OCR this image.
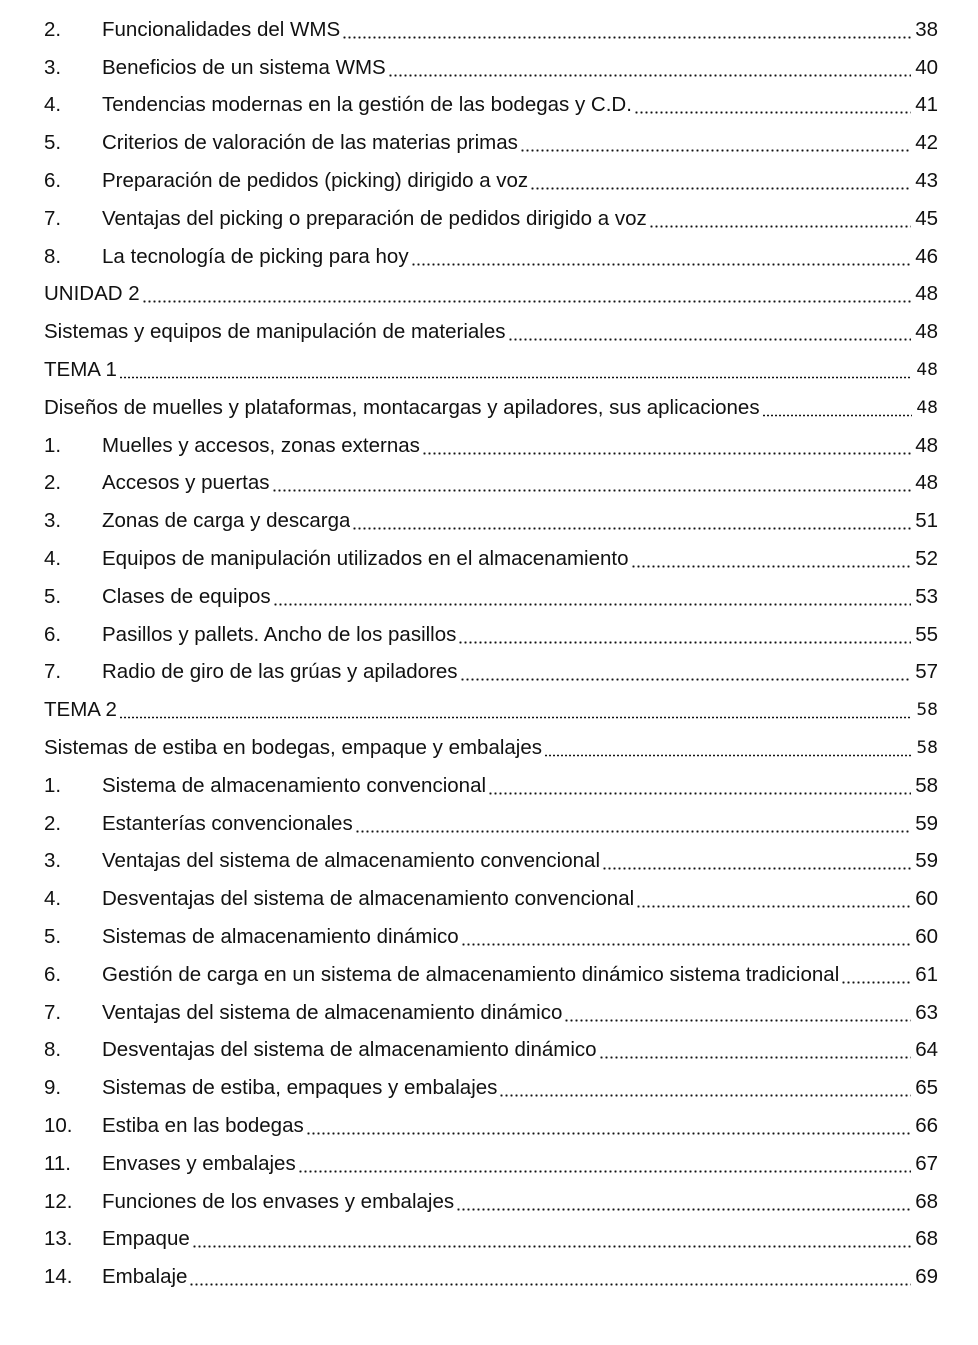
2.	Funcionalidades del WMS	38
3.	Beneficios de un sistema WMS	40
4.	Tendencias modernas en la gestión de las bodegas y C.D.	41
5.	Criterios de valoración de las materias primas	42
6.	Preparación de pedidos (picking) dirigido a voz	43
7.	Ventajas del picking o preparación de pedidos dirigido a voz	45
8.	La tecnología de picking para hoy	46
UNIDAD 2	48
Sistemas y equipos de manipulación de materiales	48
TEMA 1	48
Diseños de muelles y plataformas, montacargas y apiladores, sus aplicaciones	48
1.	Muelles y accesos, zonas externas	48
2.	Accesos y puertas	48
3.	Zonas de carga y descarga	51
4.	Equipos de manipulación utilizados en el almacenamiento	52
5.	Clases de equipos	53
6.	Pasillos y pallets. Ancho de los pasillos	55
7.	Radio de giro de las grúas y apiladores	57
TEMA 2	58
Sistemas de estiba en bodegas, empaque y embalajes	58
1.	Sistema de almacenamiento convencional	58
2.	Estanterías convencionales	59
3.	Ventajas del sistema de almacenamiento convencional	59
4.	Desventajas del sistema de almacenamiento convencional	60
5.	Sistemas de almacenamiento dinámico	60
6.	Gestión de carga en un sistema de almacenamiento dinámico sistema tradicional	61
7.	Ventajas del sistema de almacenamiento dinámico	63
8.	Desventajas del sistema de almacenamiento dinámico	64
9.	Sistemas de estiba, empaques y embalajes	65
10.	Estiba en las bodegas	66
11.	Envases y embalajes	67
12.	Funciones de los envases y embalajes	68
13.	Empaque	68
14.	Embalaje	69
